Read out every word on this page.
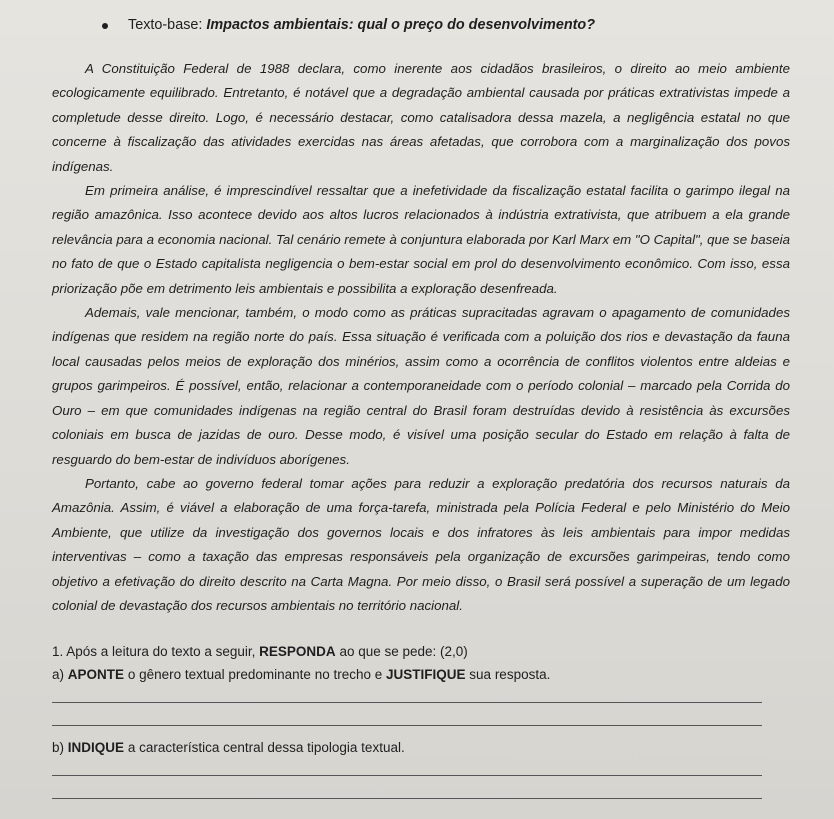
Texto-base: Impactos ambientais: qual o preço do desenvolvimento?

A Constituição Federal de 1988 declara, como inerente aos cidadãos brasileiros, o direito ao meio ambiente ecologicamente equilibrado. Entretanto, é notável que a degradação ambiental causada por práticas extrativistas impede a completude desse direito. Logo, é necessário destacar, como catalisadora dessa mazela, a negligência estatal no que concerne à fiscalização das atividades exercidas nas áreas afetadas, que corrobora com a marginalização dos povos indígenas.

Em primeira análise, é imprescindível ressaltar que a inefetividade da fiscalização estatal facilita o garimpo ilegal na região amazônica. Isso acontece devido aos altos lucros relacionados à indústria extrativista, que atribuem a ela grande relevância para a economia nacional. Tal cenário remete à conjuntura elaborada por Karl Marx em "O Capital", que se baseia no fato de que o Estado capitalista negligencia o bem-estar social em prol do desenvolvimento econômico. Com isso, essa priorização põe em detrimento leis ambientais e possibilita a exploração desenfreada.

Ademais, vale mencionar, também, o modo como as práticas supracitadas agravam o apagamento de comunidades indígenas que residem na região norte do país. Essa situação é verificada com a poluição dos rios e devastação da fauna local causadas pelos meios de exploração dos minérios, assim como a ocorrência de conflitos violentos entre aldeias e grupos garimpeiros. É possível, então, relacionar a contemporaneidade com o período colonial – marcado pela Corrida do Ouro – em que comunidades indígenas na região central do Brasil foram destruídas devido à resistência às excursões coloniais em busca de jazidas de ouro. Desse modo, é visível uma posição secular do Estado em relação à falta de resguardo do bem-estar de indivíduos aborígenes.

Portanto, cabe ao governo federal tomar ações para reduzir a exploração predatória dos recursos naturais da Amazônia. Assim, é viável a elaboração de uma força-tarefa, ministrada pela Polícia Federal e pelo Ministério do Meio Ambiente, que utilize da investigação dos governos locais e dos infratores às leis ambientais para impor medidas interventivas – como a taxação das empresas responsáveis pela organização de excursões garimpeiras, tendo como objetivo a efetivação do direito descrito na Carta Magna. Por meio disso, o Brasil será possível a superação de um legado colonial de devastação dos recursos ambientais no território nacional.

1. Após a leitura do texto a seguir, RESPONDA ao que se pede: (2,0)

a) APONTE o gênero textual predominante no trecho e JUSTIFIQUE sua resposta.

b) INDIQUE a característica central dessa tipologia textual.
